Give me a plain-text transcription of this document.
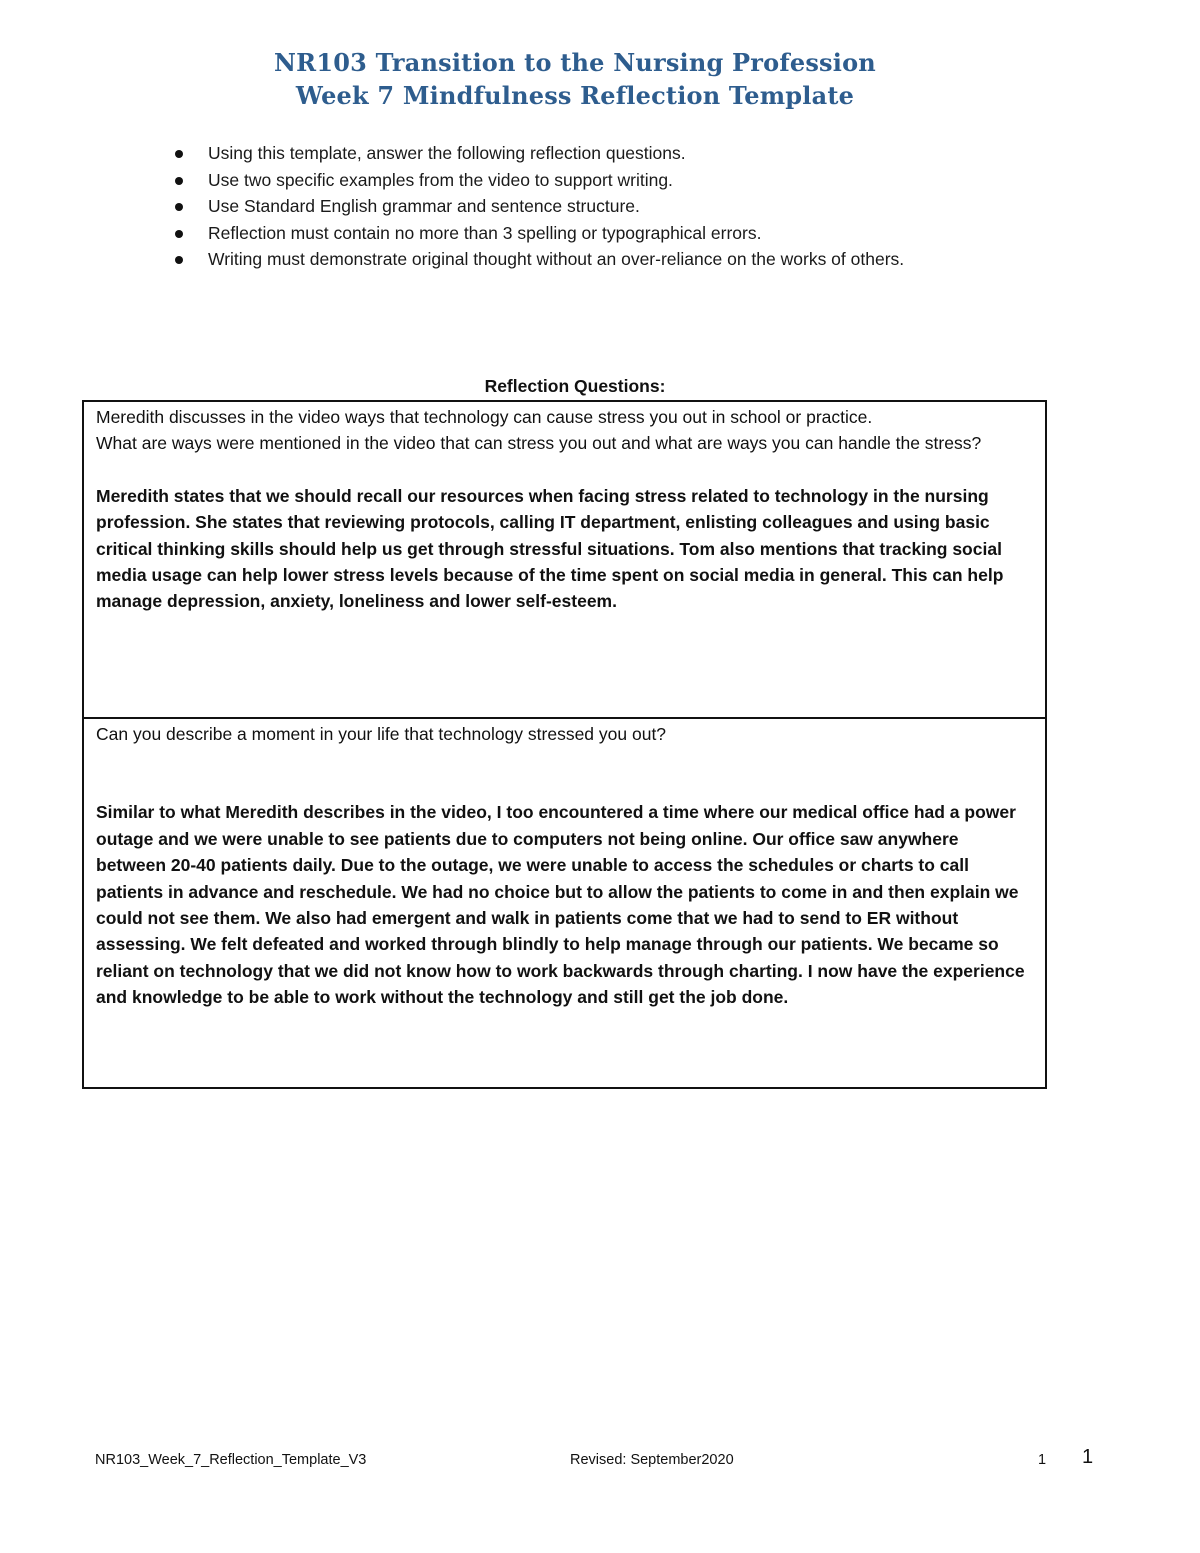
NR103 Transition to the Nursing Profession
Week 7 Mindfulness Reflection Template
Using this template, answer the following reflection questions.
Use two specific examples from the video to support writing.
Use Standard English grammar and sentence structure.
Reflection must contain no more than 3 spelling or typographical errors.
Writing must demonstrate original thought without an over-reliance on the works of others.
Reflection Questions:

Meredith discusses in the video ways that technology can cause stress you out in school or practice.

What are ways were mentioned in the video that can stress you out and what are ways you can handle the stress?

Meredith states that we should recall our resources when facing stress related to technology in the nursing profession. She states that reviewing protocols, calling IT department, enlisting colleagues and using basic critical thinking skills should help us get through stressful situations. Tom also mentions that tracking social media usage can help lower stress levels because of the time spent on social media in general. This can help manage depression, anxiety, loneliness and lower self-esteem.

Can you describe a moment in your life that technology stressed you out?

Similar to what Meredith describes in the video, I too encountered a time where our medical office had a power outage and we were unable to see patients due to computers not being online. Our office saw anywhere between 20-40 patients daily. Due to the outage, we were unable to access the schedules or charts to call patients in advance and reschedule. We had no choice but to allow the patients to come in and then explain we could not see them. We also had emergent and walk in patients come that we had to send to ER without assessing. We felt defeated and worked through blindly to help manage through our patients. We became so reliant on technology that we did not know how to work backwards through charting. I now have the experience and knowledge to be able to work without the technology and still get the job done.

NR103_Week_7_Reflection_Template_V3	Revised: September2020	1 1
